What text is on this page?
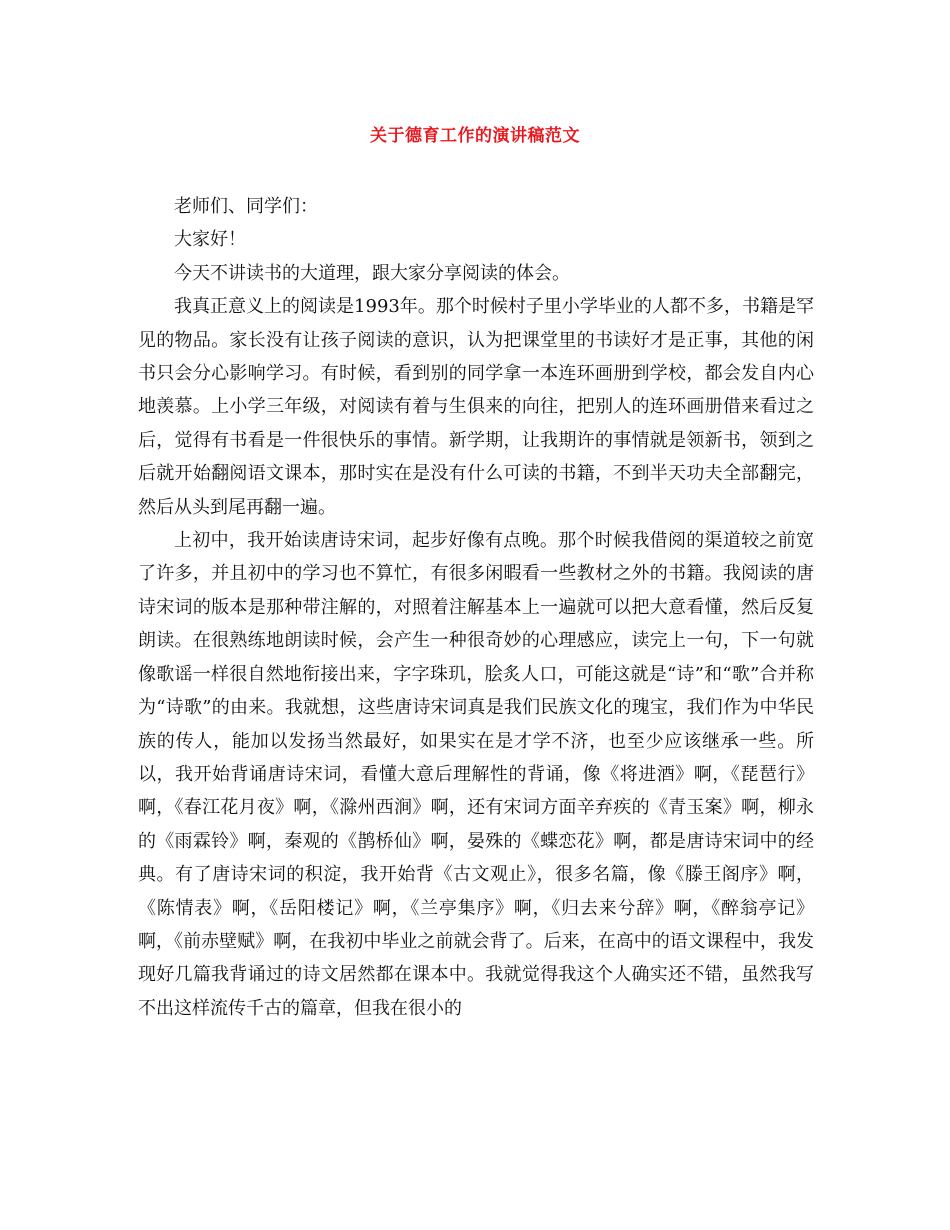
关于德育工作的演讲稿范文

老师们、同学们：

大家好！

今天不讲读书的大道理，跟大家分享阅读的体会。

我真正意义上的阅读是1993年。那个时候村子里小学毕业的人都不多，书籍是罕见的物品。家长没有让孩子阅读的意识，认为把课堂里的书读好才是正事，其他的闲书只会分心影响学习。有时候，看到别的同学拿一本连环画册到学校，都会发自内心地羡慕。上小学三年级，对阅读有着与生俱来的向往，把别人的连环画册借来看过之后，觉得有书看是一件很快乐的事情。新学期，让我期许的事情就是领新书，领到之后就开始翻阅语文课本，那时实在是没有什么可读的书籍，不到半天功夫全部翻完，然后从头到尾再翻一遍。

上初中，我开始读唐诗宋词，起步好像有点晚。那个时候我借阅的渠道较之前宽了许多，并且初中的学习也不算忙，有很多闲暇看一些教材之外的书籍。我阅读的唐诗宋词的版本是那种带注解的，对照着注解基本上一遍就可以把大意看懂，然后反复朗读。在很熟练地朗读时候，会产生一种很奇妙的心理感应，读完上一句，下一句就像歌谣一样很自然地衔接出来，字字珠玑，脍炙人口，可能这就是“诗”和“歌”合并称为“诗歌”的由来。我就想，这些唐诗宋词真是我们民族文化的瑰宝，我们作为中华民族的传人，能加以发扬当然最好，如果实在是才学不济，也至少应该继承一些。所以，我开始背诵唐诗宋词，看懂大意后理解性的背诵，像《将进酒》啊，《琵琶行》啊，《春江花月夜》啊，《滁州西涧》啊，还有宋词方面辛弃疾的《青玉案》啊，柳永的《雨霖铃》啊，秦观的《鹊桥仙》啊，晏殊的《蝶恋花》啊，都是唐诗宋词中的经典。有了唐诗宋词的积淀，我开始背《古文观止》，很多名篇，像《滕王阁序》啊，《陈情表》啊，《岳阳楼记》啊，《兰亭集序》啊，《归去来兮辞》啊，《醉翁亭记》啊，《前赤壁赋》啊，在我初中毕业之前就会背了。后来，在高中的语文课程中，我发现好几篇我背诵过的诗文居然都在课本中。我就觉得我这个人确实还不错，虽然我写不出这样流传千古的篇章，但我在很小的
